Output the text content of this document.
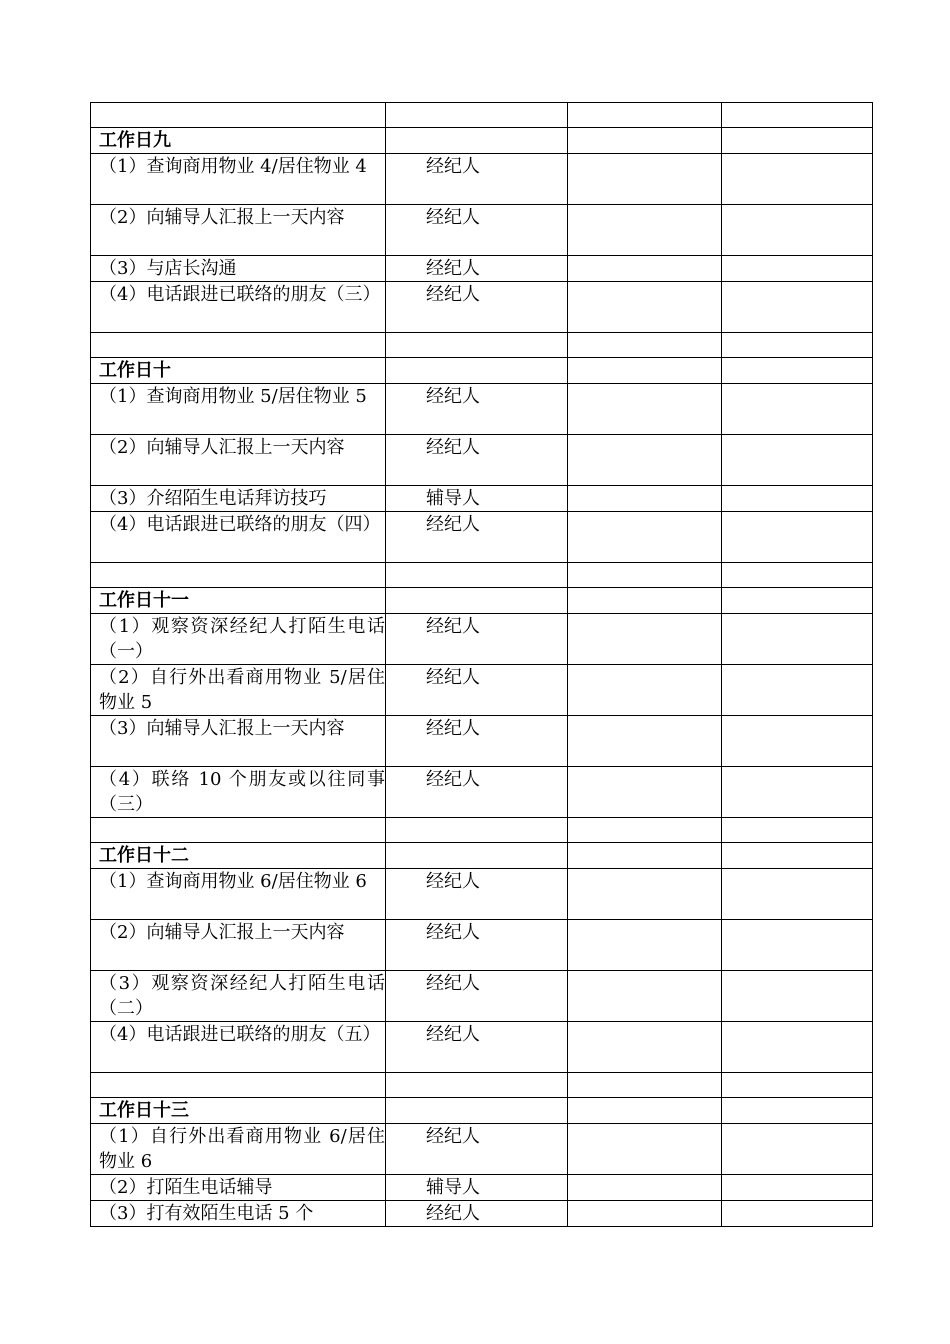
工作日九			
（1）查询商用物业 4/居住物业 4	经纪人		
（2）向辅导人汇报上一天内容	经纪人		
（3）与店长沟通	经纪人		
（4）电话跟进已联络的朋友（三）	经纪人		

工作日十			
（1）查询商用物业 5/居住物业 5	经纪人		
（2）向辅导人汇报上一天内容	经纪人		
（3）介绍陌生电话拜访技巧	辅导人		
（4）电话跟进已联络的朋友（四）	经纪人		

工作日十一			
（1）观察资深经纪人打陌生电话（一）	经纪人		
（2）自行外出看商用物业 5/居住物业 5	经纪人		
（3）向辅导人汇报上一天内容	经纪人		
（4）联络 10 个朋友或以往同事（三）	经纪人		

工作日十二			
（1）查询商用物业 6/居住物业 6	经纪人		
（2）向辅导人汇报上一天内容	经纪人		
（3）观察资深经纪人打陌生电话（二）	经纪人		
（4）电话跟进已联络的朋友（五）	经纪人		

工作日十三			
（1）自行外出看商用物业 6/居住物业 6	经纪人		
（2）打陌生电话辅导	辅导人		
（3）打有效陌生电话 5 个	经纪人		
